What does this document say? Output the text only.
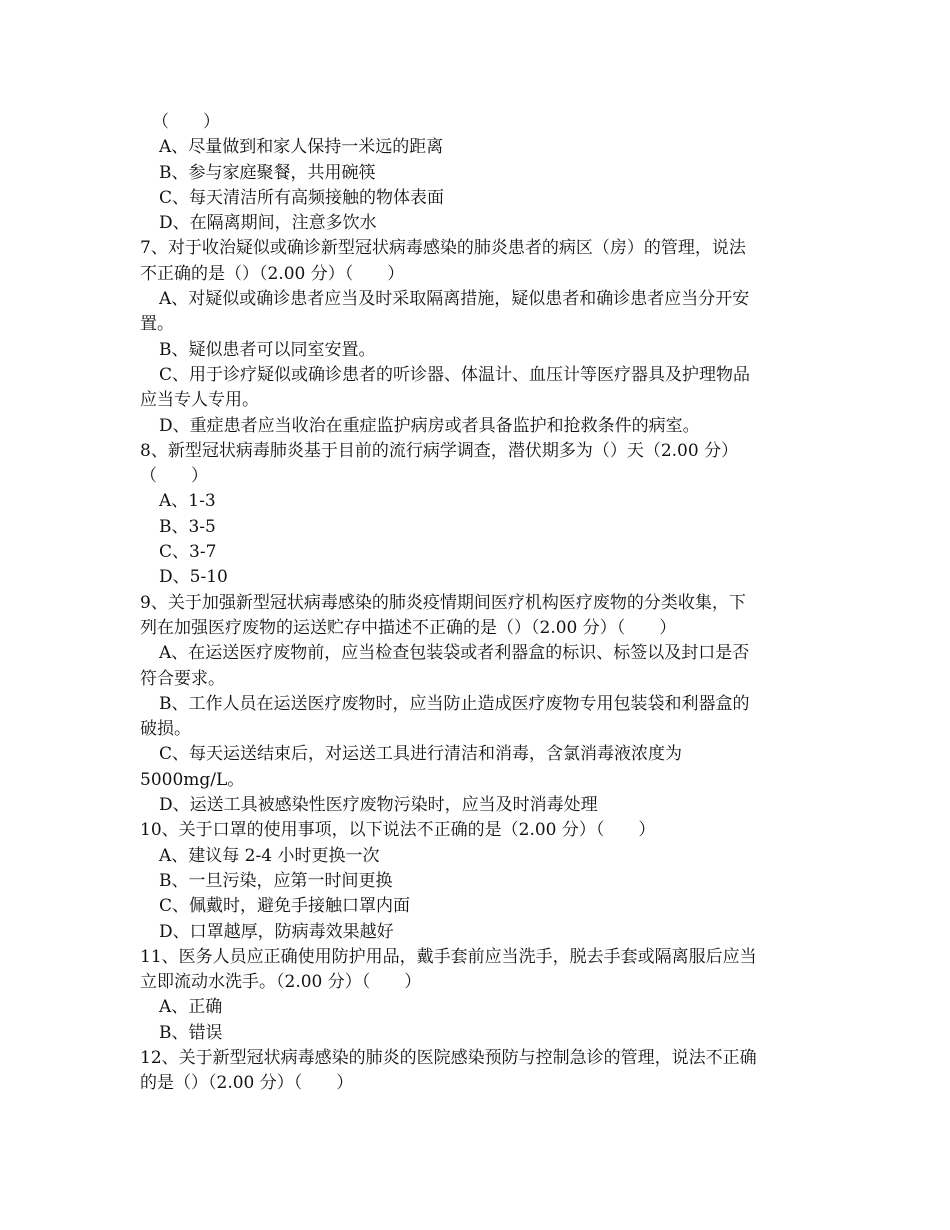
（　　）

A、尽量做到和家人保持一米远的距离

B、参与家庭聚餐，共用碗筷

C、每天清洁所有高频接触的物体表面

D、在隔离期间，注意多饮水

7、对于收治疑似或确诊新型冠状病毒感染的肺炎患者的病区（房）的管理，说法

不正确的是（）（2.00 分）（　　）

A、对疑似或确诊患者应当及时采取隔离措施，疑似患者和确诊患者应当分开安

置。

B、疑似患者可以同室安置。

C、用于诊疗疑似或确诊患者的听诊器、体温计、血压计等医疗器具及护理物品

应当专人专用。

D、重症患者应当收治在重症监护病房或者具备监护和抢救条件的病室。

8、新型冠状病毒肺炎基于目前的流行病学调查，潜伏期多为（）天（2.00 分）

（　　）

A、1-3

B、3-5

C、3-7

D、5-10

9、关于加强新型冠状病毒感染的肺炎疫情期间医疗机构医疗废物的分类收集，下

列在加强医疗废物的运送贮存中描述不正确的是（）（2.00 分）（　　）

A、在运送医疗废物前，应当检查包装袋或者利器盒的标识、标签以及封口是否

符合要求。

B、工作人员在运送医疗废物时，应当防止造成医疗废物专用包装袋和利器盒的

破损。

C、每天运送结束后，对运送工具进行清洁和消毒，含氯消毒液浓度为

5000mg/L。

D、运送工具被感染性医疗废物污染时，应当及时消毒处理

10、关于口罩的使用事项，以下说法不正确的是（2.00 分）（　　）

A、建议每 2-4 小时更换一次

B、一旦污染，应第一时间更换

C、佩戴时，避免手接触口罩内面

D、口罩越厚，防病毒效果越好

11、医务人员应正确使用防护用品，戴手套前应当洗手，脱去手套或隔离服后应当

立即流动水洗手。（2.00 分）（　　）

A、正确

B、错误

12、关于新型冠状病毒感染的肺炎的医院感染预防与控制急诊的管理，说法不正确

的是（）（2.00 分）（　　）
